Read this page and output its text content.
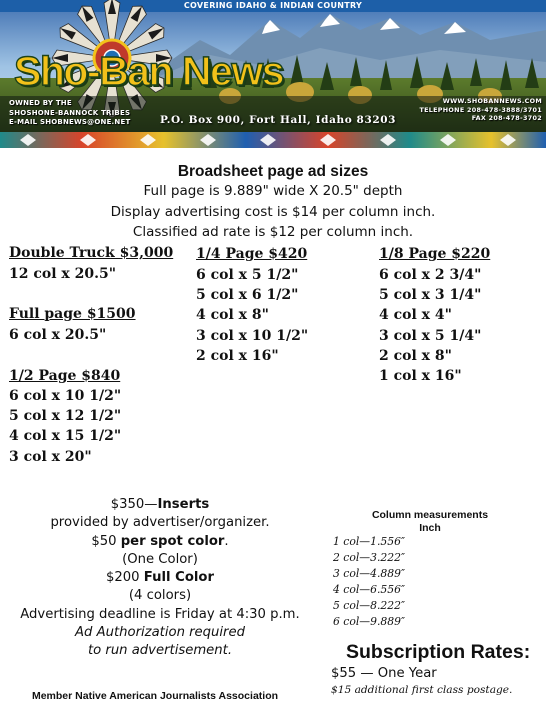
COVERING IDAHO & INDIAN COUNTRY
Sho-Ban News
OWNED BY THE
SHOSHONE-BANNOCK TRIBES
E-MAIL SHOBNEWS@ONE.NET	P.O. Box 900, Fort Hall, Idaho 83203
WWW.SHOBANNEWS.COM
TELEPHONE 208-478-3888/3701
FAX 208-478-3702
Broadsheet page ad sizes
Full page is 9.889" wide X 20.5" depth
Display advertising cost is $14 per column inch.
Classified ad rate is $12 per column inch.
Double Truck $3,000
12 col x 20.5"
Full page $1500
6 col x 20.5"
1/2 Page $840
6 col x 10 1/2"
5 col x 12 1/2"
4 col x 15 1/2"
3 col x 20"
1/4 Page $420
6 col x 5 1/2"
5 col x 6 1/2"
4 col x 8"
3 col x 10 1/2"
2 col x 16"
1/8 Page $220
6 col x 2 3/4"
5 col x 3 1/4"
4 col x 4"
3 col x 5 1/4"
2 col x 8"
1 col x 16"
$350—Inserts
provided by advertiser/organizer.
$50 per spot color.
(One Color)
$200 Full Color
(4 colors)
Advertising deadline is Friday at 4:30 p.m.
Ad Authorization required
to run advertisement.
Column measurements
Inch
1 col—1.556″
2 col—3.222″
3 col—4.889″
4 col—6.556″
5 col—8.222″
6 col—9.889″
Subscription Rates:
$55 — One Year
$15 additional first class postage.
Member Native American Journalists Association
